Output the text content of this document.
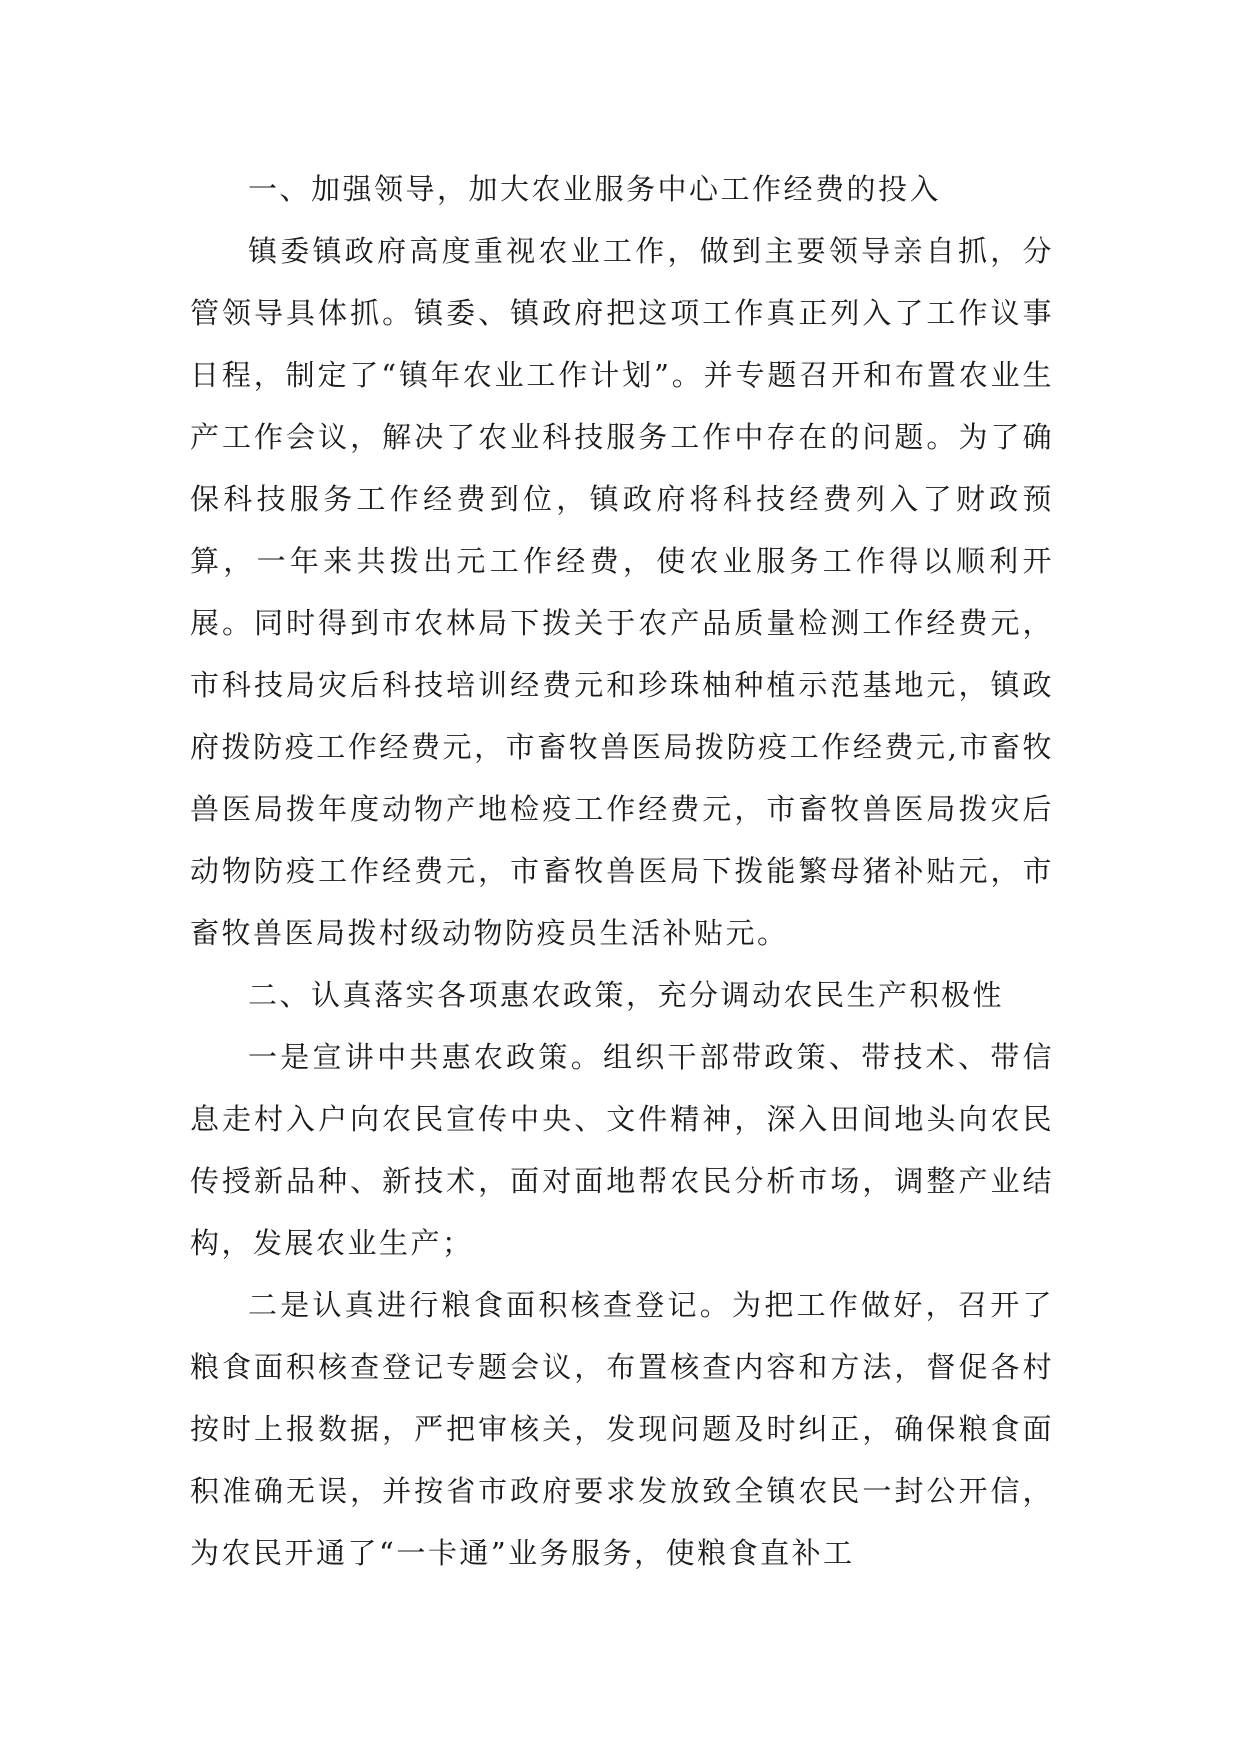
一、加强领导，加大农业服务中心工作经费的投入

镇委镇政府高度重视农业工作，做到主要领导亲自抓，分管领导具体抓。镇委、镇政府把这项工作真正列入了工作议事日程，制定了“镇年农业工作计划”。并专题召开和布置农业生产工作会议，解决了农业科技服务工作中存在的问题。为了确保科技服务工作经费到位，镇政府将科技经费列入了财政预算，一年来共拨出元工作经费，使农业服务工作得以顺利开展。同时得到市农林局下拨关于农产品质量检测工作经费元，市科技局灾后科技培训经费元和珍珠柚种植示范基地元，镇政府拨防疫工作经费元，市畜牧兽医局拨防疫工作经费元,市畜牧兽医局拨年度动物产地检疫工作经费元，市畜牧兽医局拨灾后动物防疫工作经费元，市畜牧兽医局下拨能繁母猪补贴元，市畜牧兽医局拨村级动物防疫员生活补贴元。

二、认真落实各项惠农政策，充分调动农民生产积极性

一是宣讲中共惠农政策。组织干部带政策、带技术、带信息走村入户向农民宣传中央、文件精神，深入田间地头向农民传授新品种、新技术，面对面地帮农民分析市场，调整产业结构，发展农业生产；

二是认真进行粮食面积核查登记。为把工作做好，召开了粮食面积核查登记专题会议，布置核查内容和方法，督促各村按时上报数据，严把审核关，发现问题及时纠正，确保粮食面积准确无误，并按省市政府要求发放致全镇农民一封公开信，为农民开通了“一卡通”业务服务，使粮食直补工
